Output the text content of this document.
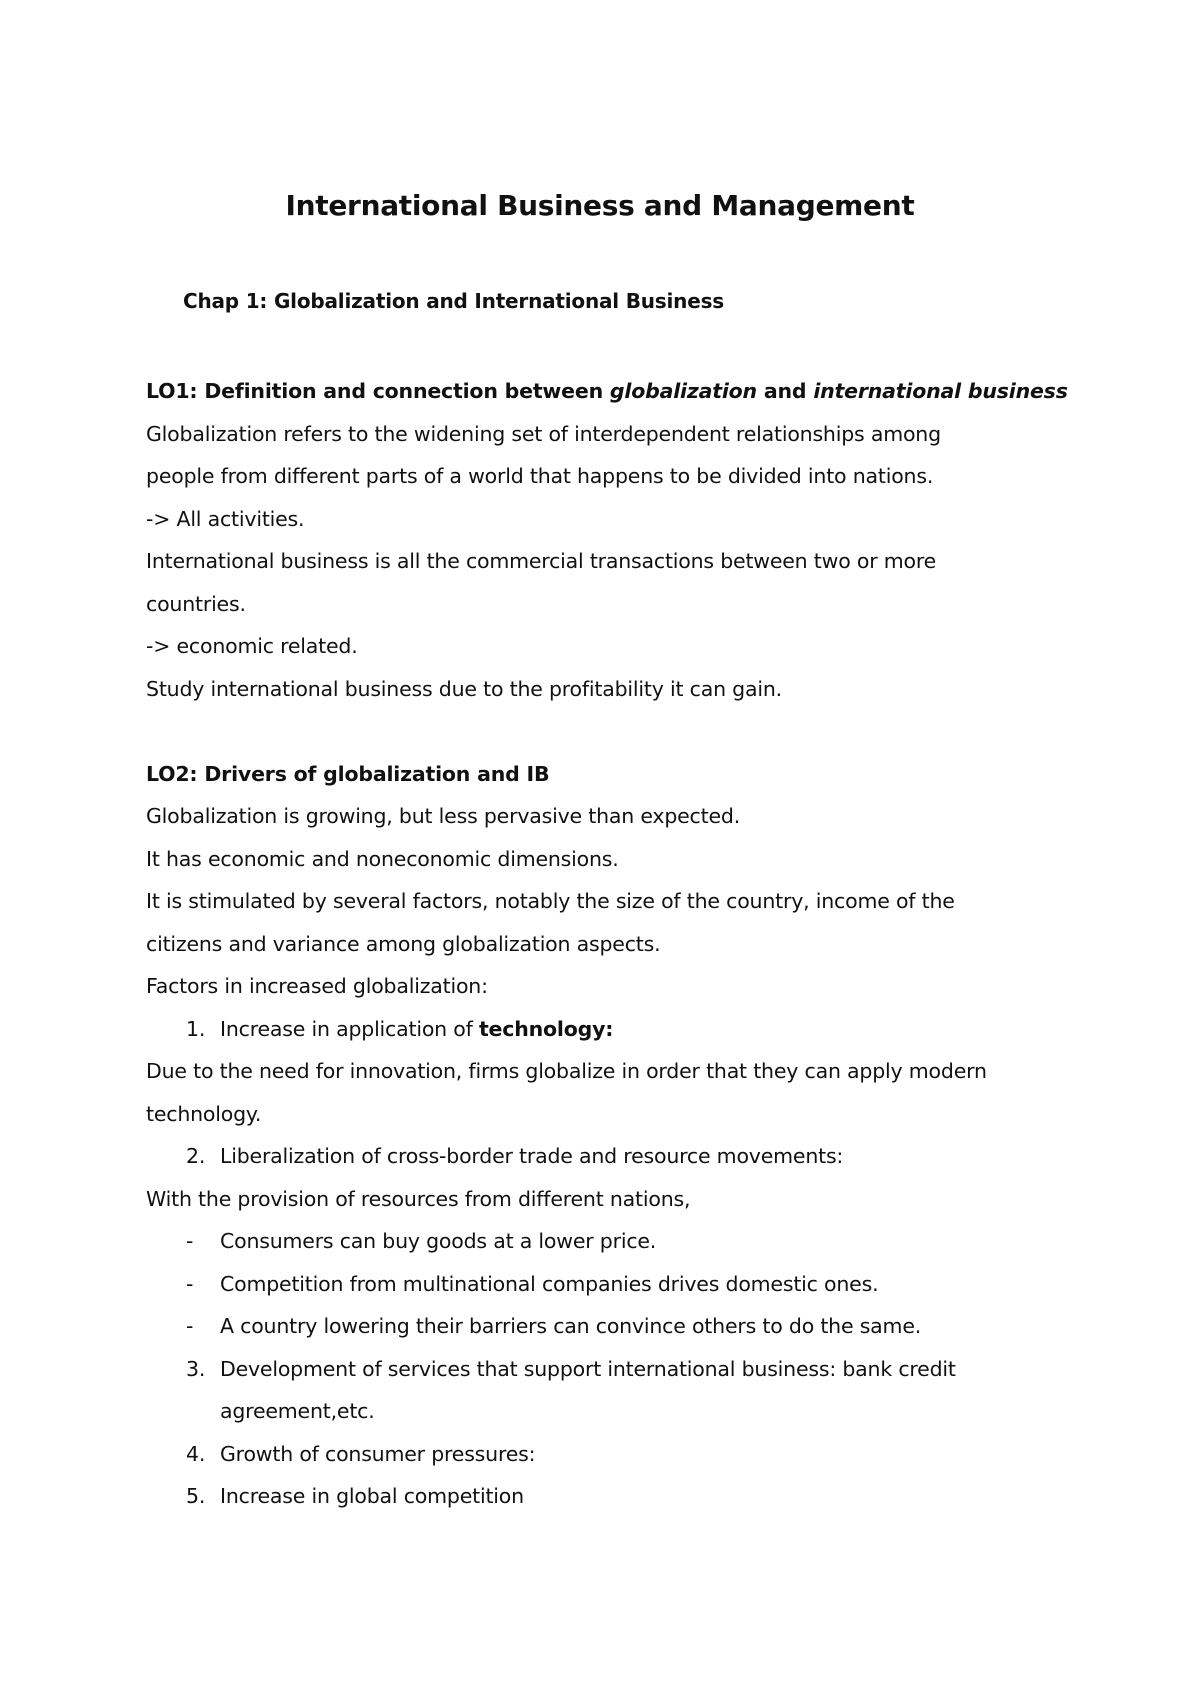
International Business and Management
Chap 1: Globalization and International Business
LO1: Definition and connection between globalization and international business
Globalization refers to the widening set of interdependent relationships among
people from different parts of a world that happens to be divided into nations.
-> All activities.
International business is all the commercial transactions between two or more
countries.
-> economic related.
Study international business due to the profitability it can gain.
LO2: Drivers of globalization and IB
Globalization is growing, but less pervasive than expected.
It has economic and noneconomic dimensions.
It is stimulated by several factors, notably the size of the country, income of the
citizens and variance among globalization aspects.
Factors in increased globalization:
1. Increase in application of technology:
Due to the need for innovation, firms globalize in order that they can apply modern
technology.
2. Liberalization of cross-border trade and resource movements:
With the provision of resources from different nations,
-	Consumers can buy goods at a lower price.
-	Competition from multinational companies drives domestic ones.
-	A country lowering their barriers can convince others to do the same.
3. Development of services that support international business: bank credit
agreement,etc.
4. Growth of consumer pressures:
5. Increase in global competition
